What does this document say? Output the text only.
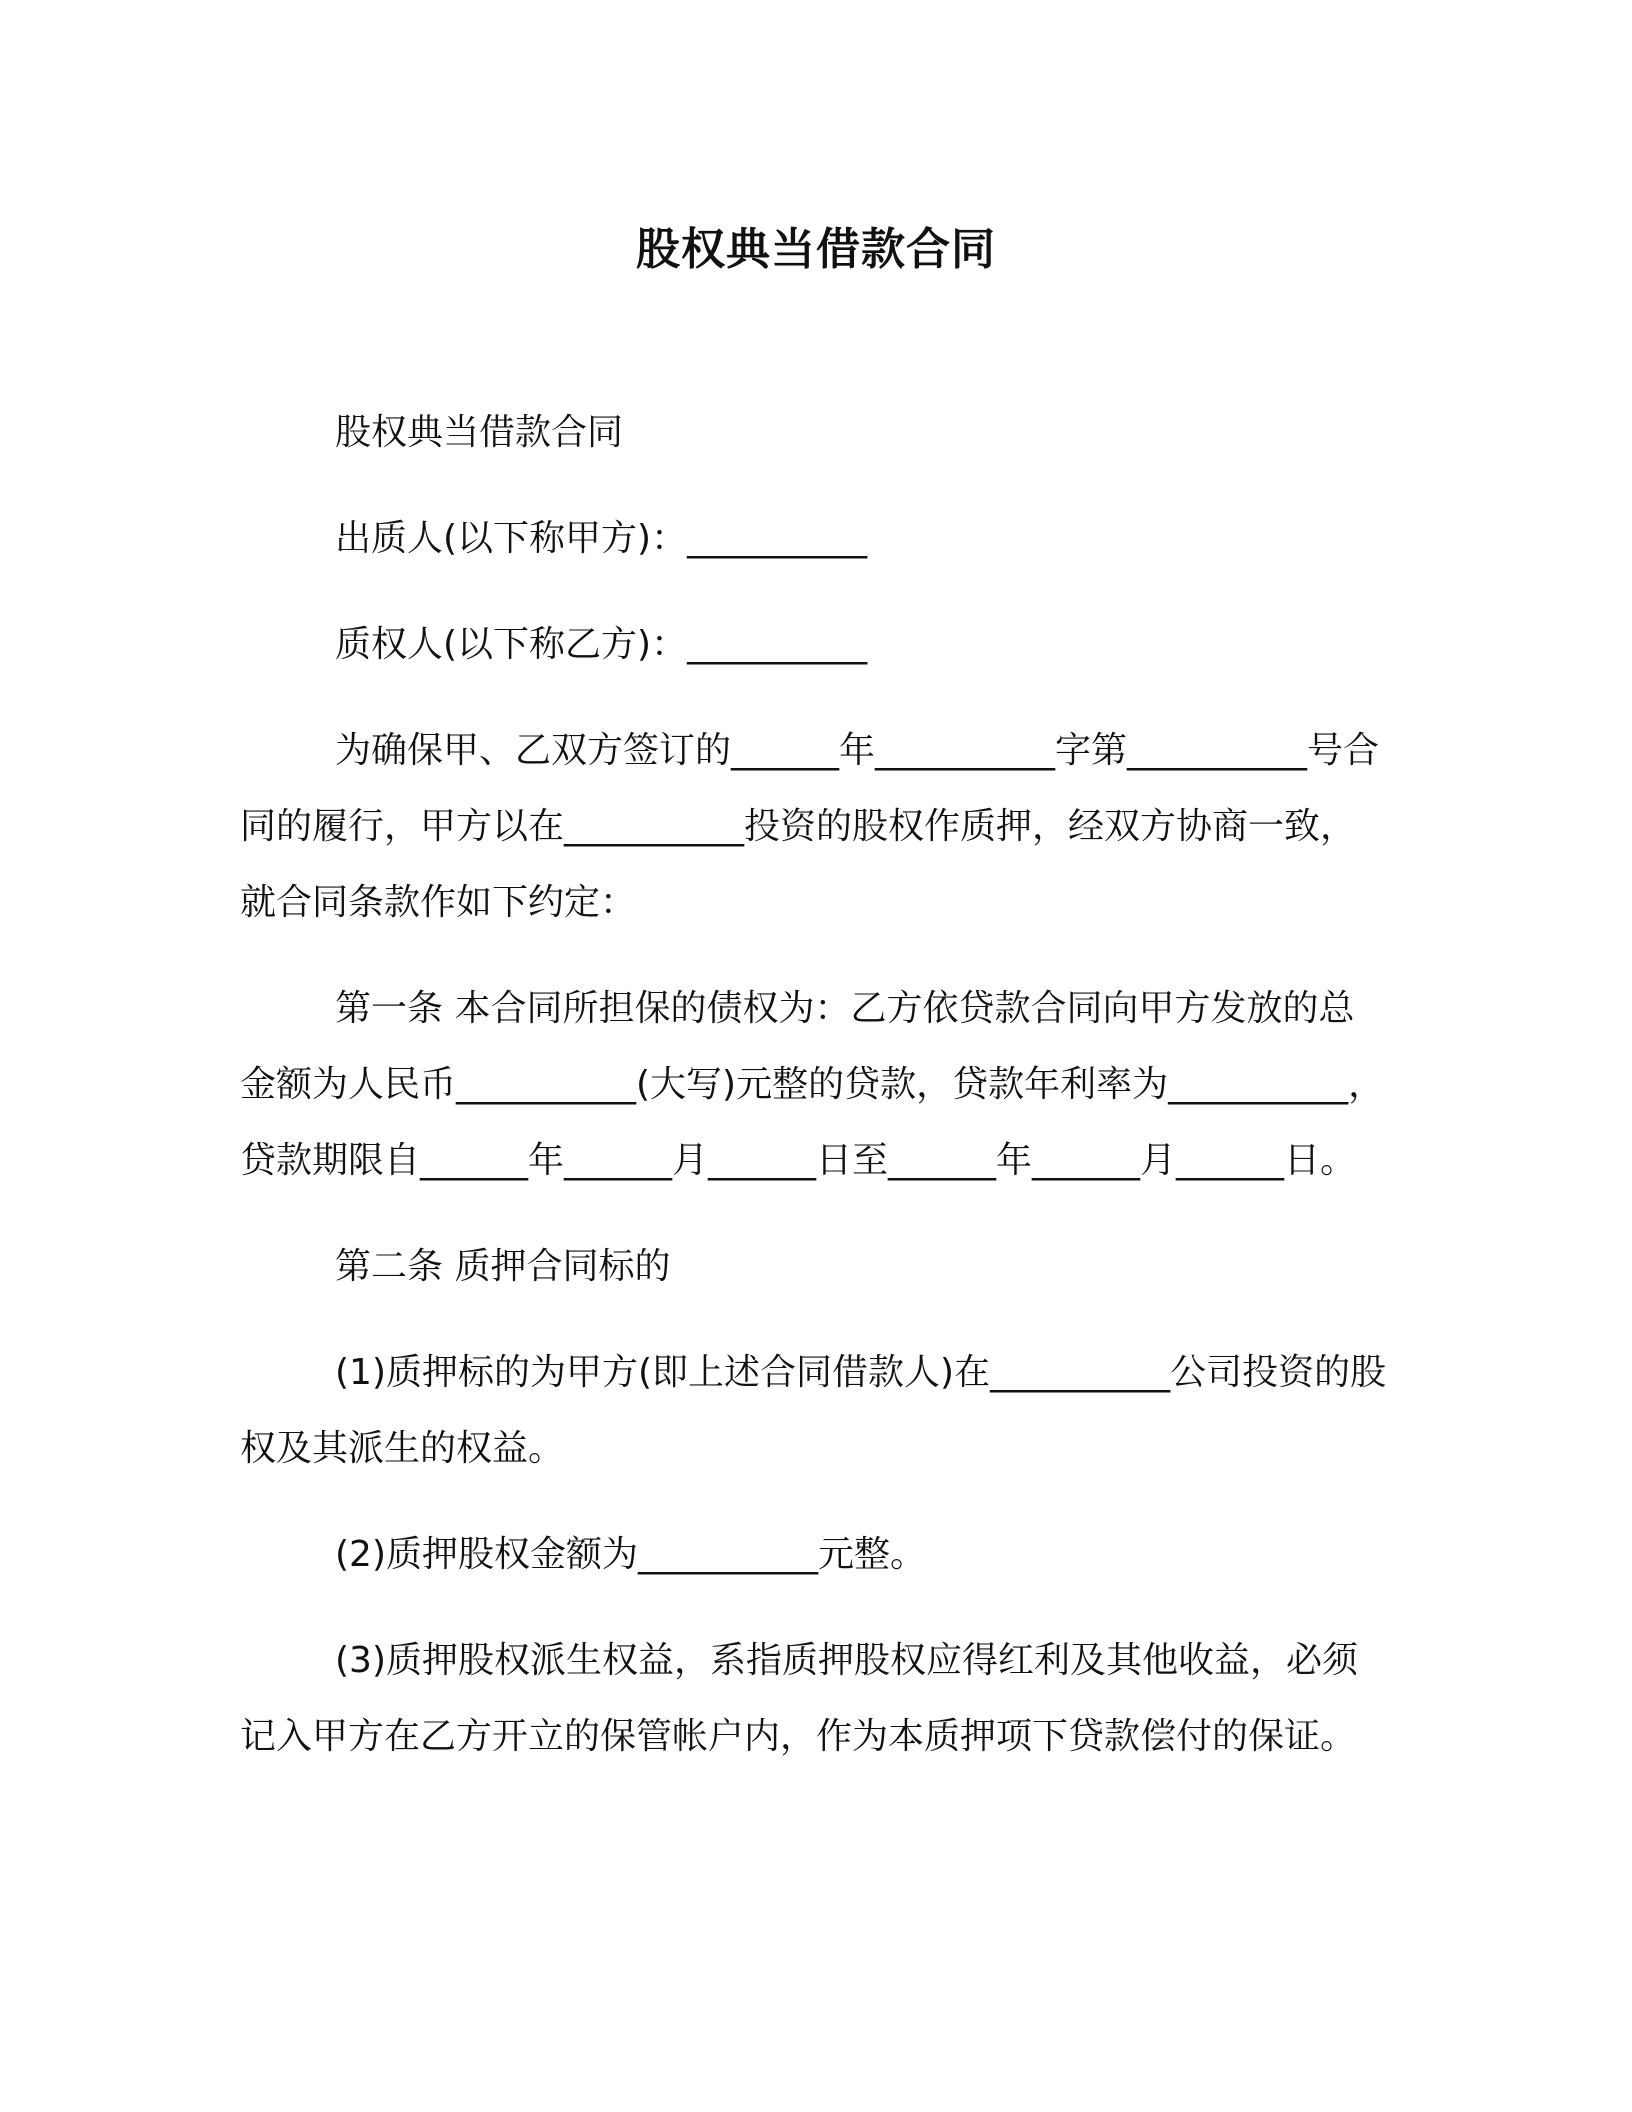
股权典当借款合同

股权典当借款合同

出质人(以下称甲方)：__________

质权人(以下称乙方)：__________

为确保甲、乙双方签订的______年__________字第__________号合同的履行，甲方以在__________投资的股权作质押，经双方协商一致，就合同条款作如下约定：

第一条 本合同所担保的债权为：乙方依贷款合同向甲方发放的总金额为人民币__________(大写)元整的贷款，贷款年利率为__________，贷款期限自______年______月______日至______年______月______日。

第二条 质押合同标的

(1)质押标的为甲方(即上述合同借款人)在__________公司投资的股权及其派生的权益。

(2)质押股权金额为__________元整。

(3)质押股权派生权益，系指质押股权应得红利及其他收益，必须记入甲方在乙方开立的保管帐户内，作为本质押项下贷款偿付的保证。
